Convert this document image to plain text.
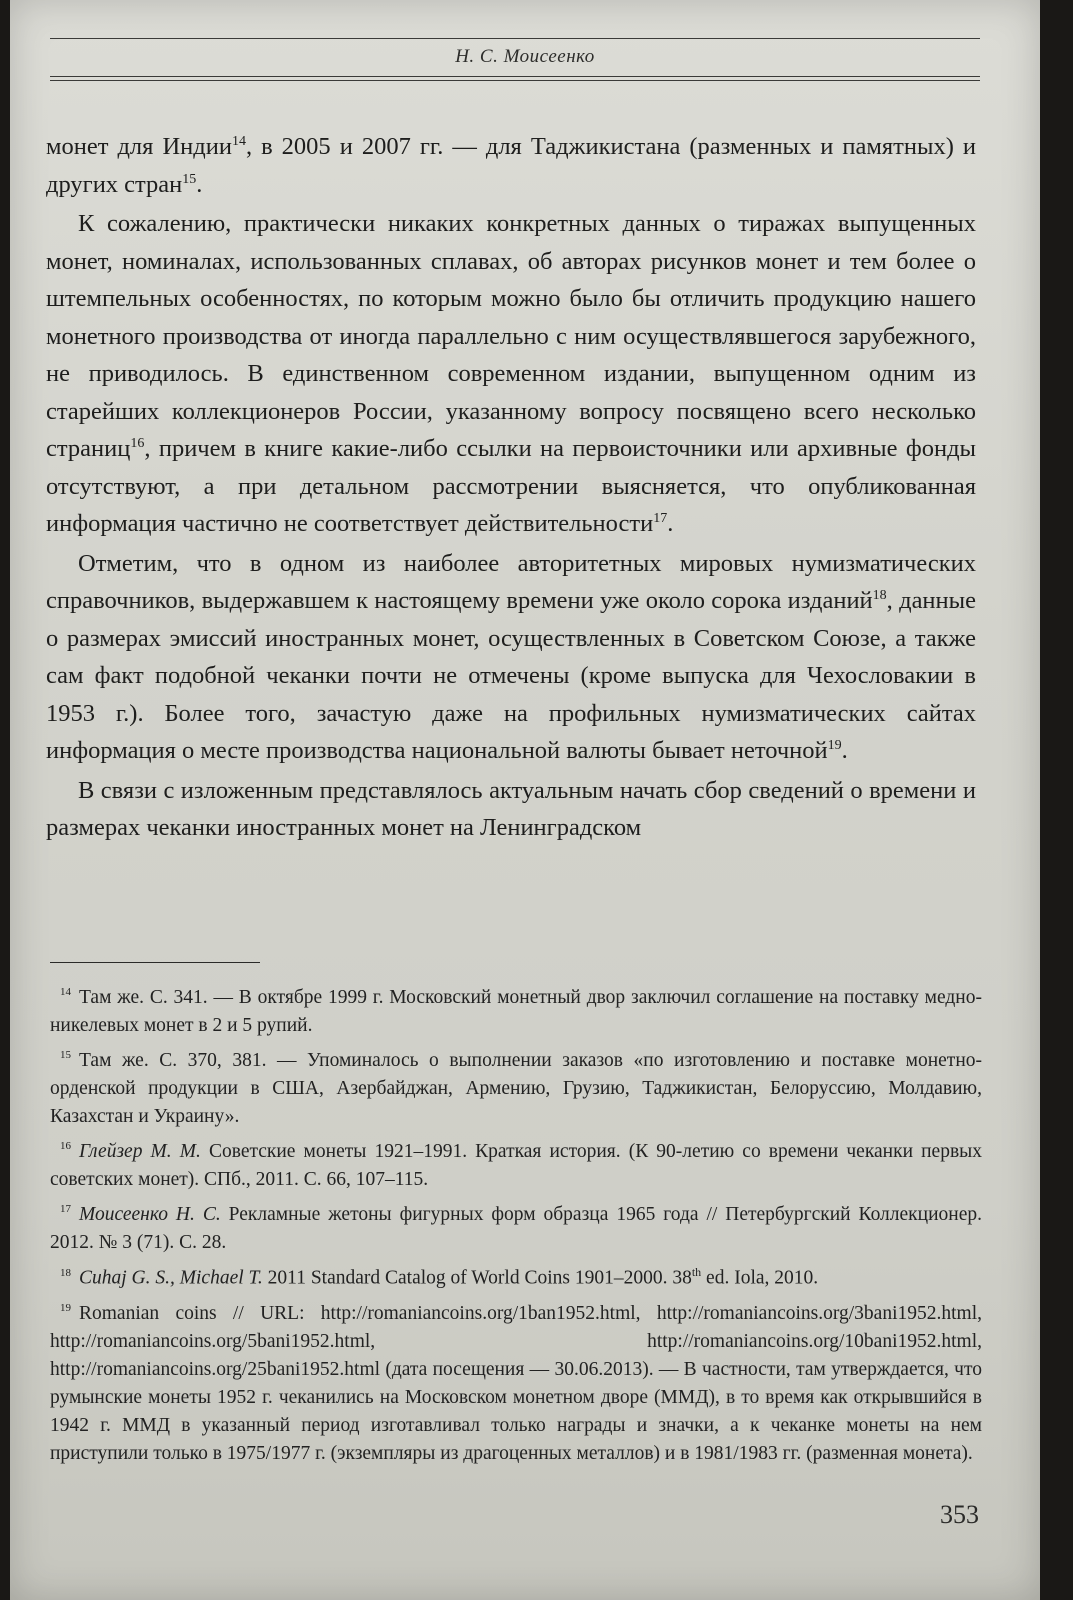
Н. С. Моисеенко

монет для Индии$^{14}$, в 2005 и 2007 гг. — для Таджикистана (разменных и памятных) и других стран$^{15}$.

К сожалению, практически никаких конкретных данных о тиражах выпущенных монет, номиналах, использованных сплавах, об авторах рисунков монет и тем более о штемпельных особенностях, по которым можно было бы отличить продукцию нашего монетного производства от иногда параллельно с ним осуществлявшегося зарубежного, не приводилось. В единственном современном издании, выпущенном одним из старейших коллекционеров России, указанному вопросу посвящено всего несколько страниц$^{16}$, причем в книге какие-либо ссылки на первоисточники или архивные фонды отсутствуют, а при детальном рассмотрении выясняется, что опубликованная информация частично не соответствует действительности$^{17}$.

Отметим, что в одном из наиболее авторитетных мировых нумизматических справочников, выдержавшем к настоящему времени уже около сорока изданий$^{18}$, данные о размерах эмиссий иностранных монет, осуществленных в Советском Союзе, а также сам факт подобной чеканки почти не отмечены (кроме выпуска для Чехословакии в 1953 г.). Более того, зачастую даже на профильных нумизматических сайтах информация о месте производства национальной валюты бывает неточной$^{19}$.

В связи с изложенным представлялось актуальным начать сбор сведений о времени и размерах чеканки иностранных монет на Ленинградском

$^{14}$ Там же. С. 341. — В октябре 1999 г. Московский монетный двор заключил соглашение на поставку медно-никелевых монет в 2 и 5 рупий.

$^{15}$ Там же. С. 370, 381. — Упоминалось о выполнении заказов «по изготовлению и поставке монетно-орденской продукции в США, Азербайджан, Армению, Грузию, Таджикистан, Белоруссию, Молдавию, Казахстан и Украину».

$^{16}$ Глейзер М. М. Советские монеты 1921–1991. Краткая история. (К 90-летию со времени чеканки первых советских монет). СПб., 2011. С. 66, 107–115.

$^{17}$ Моисеенко Н. С. Рекламные жетоны фигурных форм образца 1965 года // Петербургский Коллекционер. 2012. № 3 (71). С. 28.

$^{18}$ Cuhaj G. S., Michael T. 2011 Standard Catalog of World Coins 1901–2000. 38th ed. Iola, 2010.

$^{19}$ Romanian coins // URL: http://romaniancoins.org/1ban1952.html, http://romaniancoins.org/3bani1952.html, http://romaniancoins.org/5bani1952.html, http://romaniancoins.org/10bani1952.html, http://romaniancoins.org/25bani1952.html (дата посещения — 30.06.2013). — В частности, там утверждается, что румынские монеты 1952 г. чеканились на Московском монетном дворе (ММД), в то время как открывшийся в 1942 г. ММД в указанный период изготавливал только награды и значки, а к чеканке монеты на нем приступили только в 1975/1977 г. (экземпляры из драгоценных металлов) и в 1981/1983 гг. (разменная монета).

353
